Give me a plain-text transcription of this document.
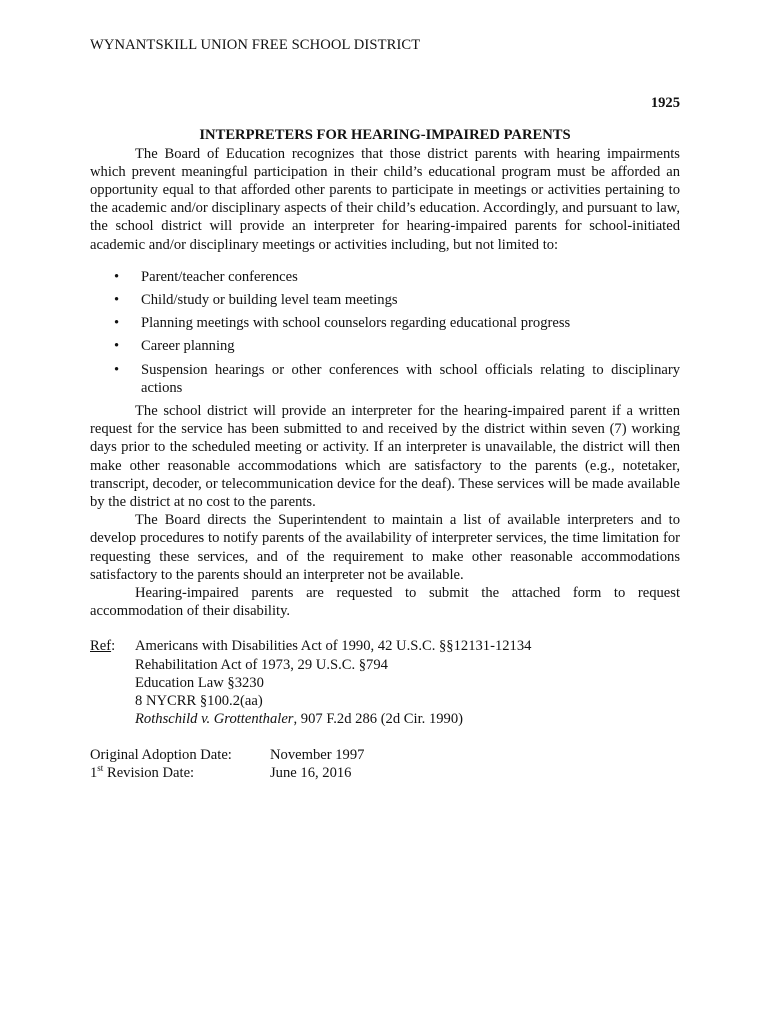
WYNANTSKILL UNION FREE SCHOOL DISTRICT

1925

INTERPRETERS FOR HEARING-IMPAIRED PARENTS

The Board of Education recognizes that those district parents with hearing impairments which prevent meaningful participation in their child’s educational program must be afforded an opportunity equal to that afforded other parents to participate in meetings or activities pertaining to the academic and/or disciplinary aspects of their child’s education. Accordingly, and pursuant to law, the school district will provide an interpreter for hearing-impaired parents for school-initiated academic and/or disciplinary meetings or activities including, but not limited to:

• Parent/teacher conferences
• Child/study or building level team meetings
• Planning meetings with school counselors regarding educational progress
• Career planning
• Suspension hearings or other conferences with school officials relating to disciplinary actions

The school district will provide an interpreter for the hearing-impaired parent if a written request for the service has been submitted to and received by the district within seven (7) working days prior to the scheduled meeting or activity. If an interpreter is unavailable, the district will then make other reasonable accommodations which are satisfactory to the parents (e.g., notetaker, transcript, decoder, or telecommunication device for the deaf). These services will be made available by the district at no cost to the parents.

The Board directs the Superintendent to maintain a list of available interpreters and to develop procedures to notify parents of the availability of interpreter services, the time limitation for requesting these services, and of the requirement to make other reasonable accommodations satisfactory to the parents should an interpreter not be available.

Hearing-impaired parents are requested to submit the attached form to request accommodation of their disability.

Ref:	Americans with Disabilities Act of 1990, 42 U.S.C. §§12131-12134
Rehabilitation Act of 1973, 29 U.S.C. §794
Education Law §3230
8 NYCRR §100.2(aa)
Rothschild v. Grottenthaler, 907 F.2d 286 (2d Cir. 1990)
Original Adoption Date:	November 1997
1st Revision Date:	June 16, 2016
